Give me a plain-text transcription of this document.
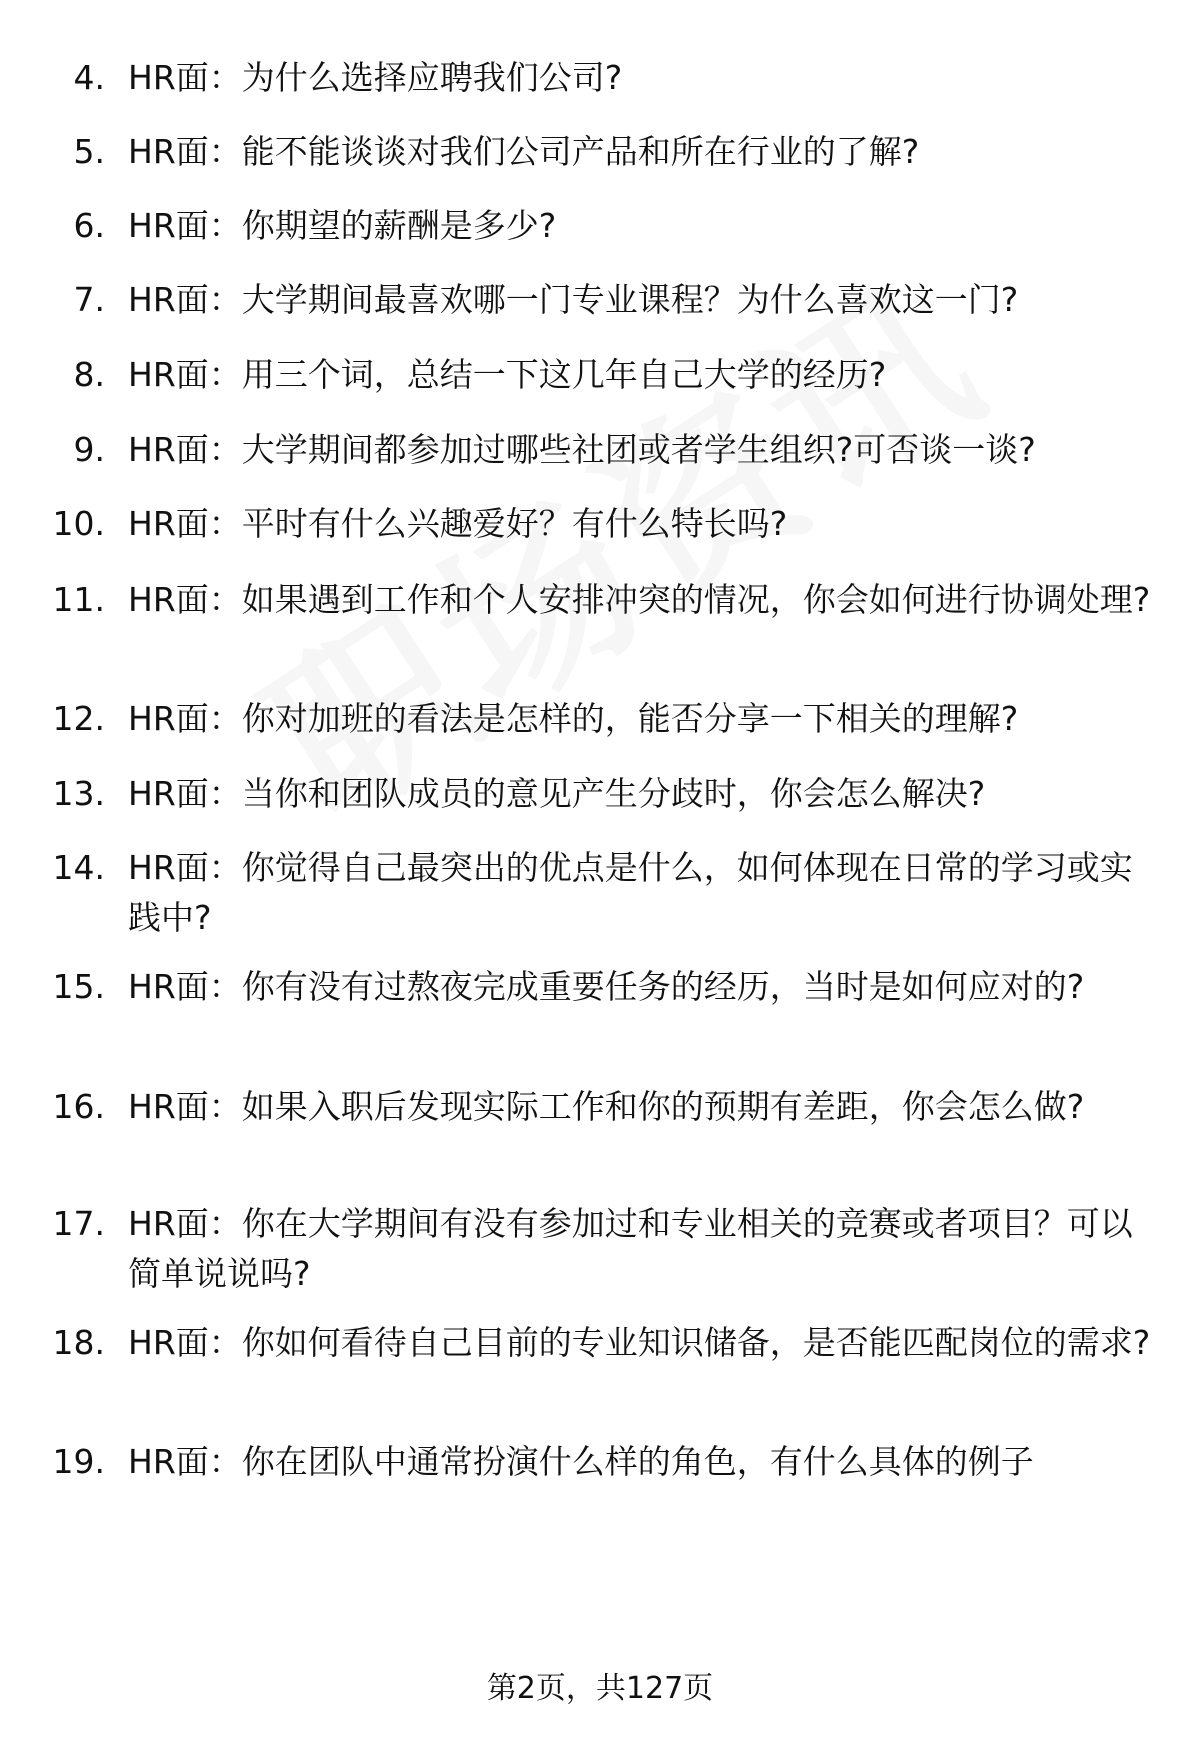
4. HR面：为什么选择应聘我们公司?
5. HR面：能不能谈谈对我们公司产品和所在行业的了解?
6. HR面：你期望的薪酬是多少?
7. HR面：大学期间最喜欢哪一门专业课程？为什么喜欢这一门?
8. HR面：用三个词，总结一下这几年自己大学的经历?
9. HR面：大学期间都参加过哪些社团或者学生组织?可否谈一谈?
10. HR面：平时有什么兴趣爱好？有什么特长吗?
11. HR面：如果遇到工作和个人安排冲突的情况，你会如何进行协调处理?
12. HR面：你对加班的看法是怎样的，能否分享一下相关的理解?
13. HR面：当你和团队成员的意见产生分歧时，你会怎么解决?
14. HR面：你觉得自己最突出的优点是什么，如何体现在日常的学习或实践中?
15. HR面：你有没有过熬夜完成重要任务的经历，当时是如何应对的?
16. HR面：如果入职后发现实际工作和你的预期有差距，你会怎么做?
17. HR面：你在大学期间有没有参加过和专业相关的竞赛或者项目？可以简单说说吗?
18. HR面：你如何看待自己目前的专业知识储备，是否能匹配岗位的需求?
19. HR面：你在团队中通常扮演什么样的角色，有什么具体的例子
第2页，共127页
